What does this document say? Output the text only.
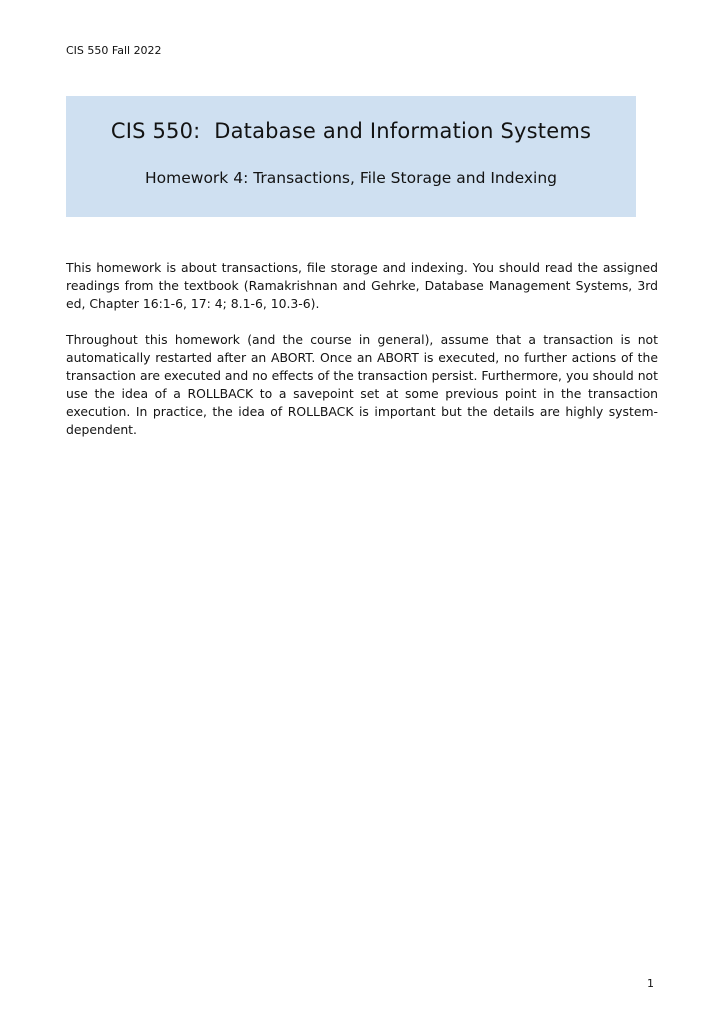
CIS 550 Fall 2022
CIS 550:  Database and Information Systems
Homework 4: Transactions, File Storage and Indexing

This homework is about transactions, file storage and indexing. You should read the assigned readings from the textbook (Ramakrishnan and Gehrke, Database Management Systems, 3rd ed, Chapter 16:1-6, 17: 4; 8.1-6, 10.3-6).

Throughout this homework (and the course in general), assume that a transaction is not automatically restarted after an ABORT. Once an ABORT is executed, no further actions of the transaction are executed and no effects of the transaction persist. Furthermore, you should not use the idea of a ROLLBACK to a savepoint set at some previous point in the transaction execution. In practice, the idea of ROLLBACK is important but the details are highly system-dependent.

1
